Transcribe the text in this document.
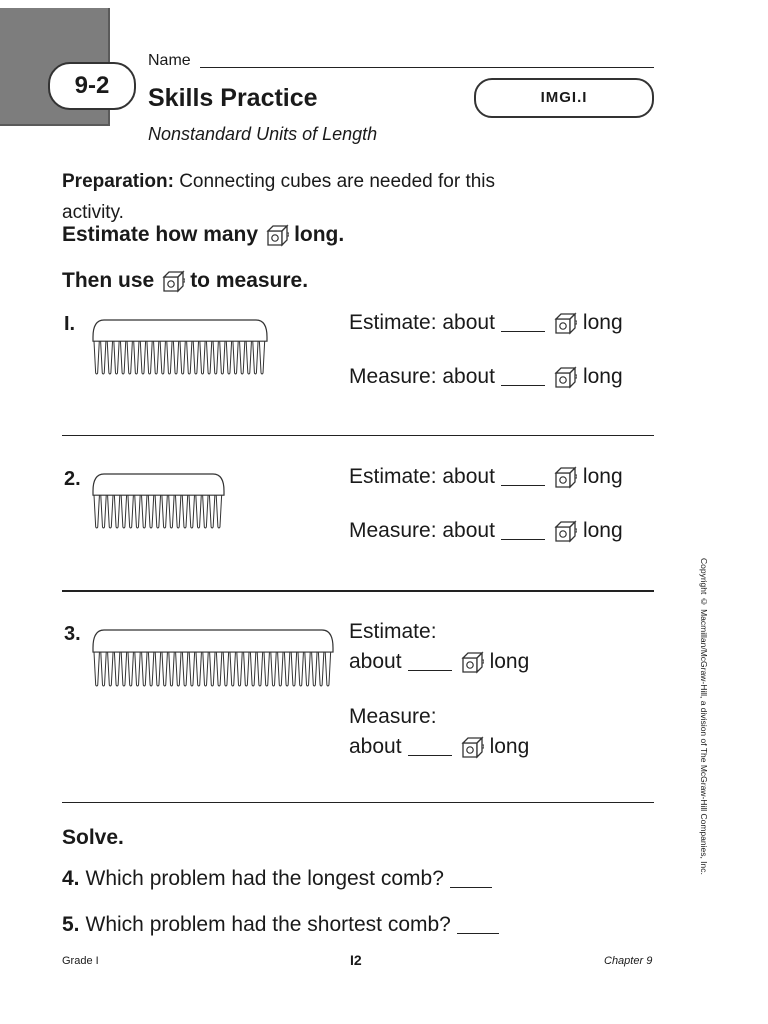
9-2
Name
Skills Practice
Nonstandard Units of Length
IMGI.I
Preparation: Connecting cubes are needed for this activity.
Estimate how many long.
Then use to measure.
I.	Estimate: about	long
Measure: about	long
2.	Estimate: about	long
Measure: about	long
3.	Estimate:
about	long
Measure:
about	long
Solve.
4. Which problem had the longest comb?
5. Which problem had the shortest comb?
Grade I	I2	Chapter 9
Copyright © Macmillan/McGraw-Hill, a division of The McGraw-Hill Companies, Inc.
